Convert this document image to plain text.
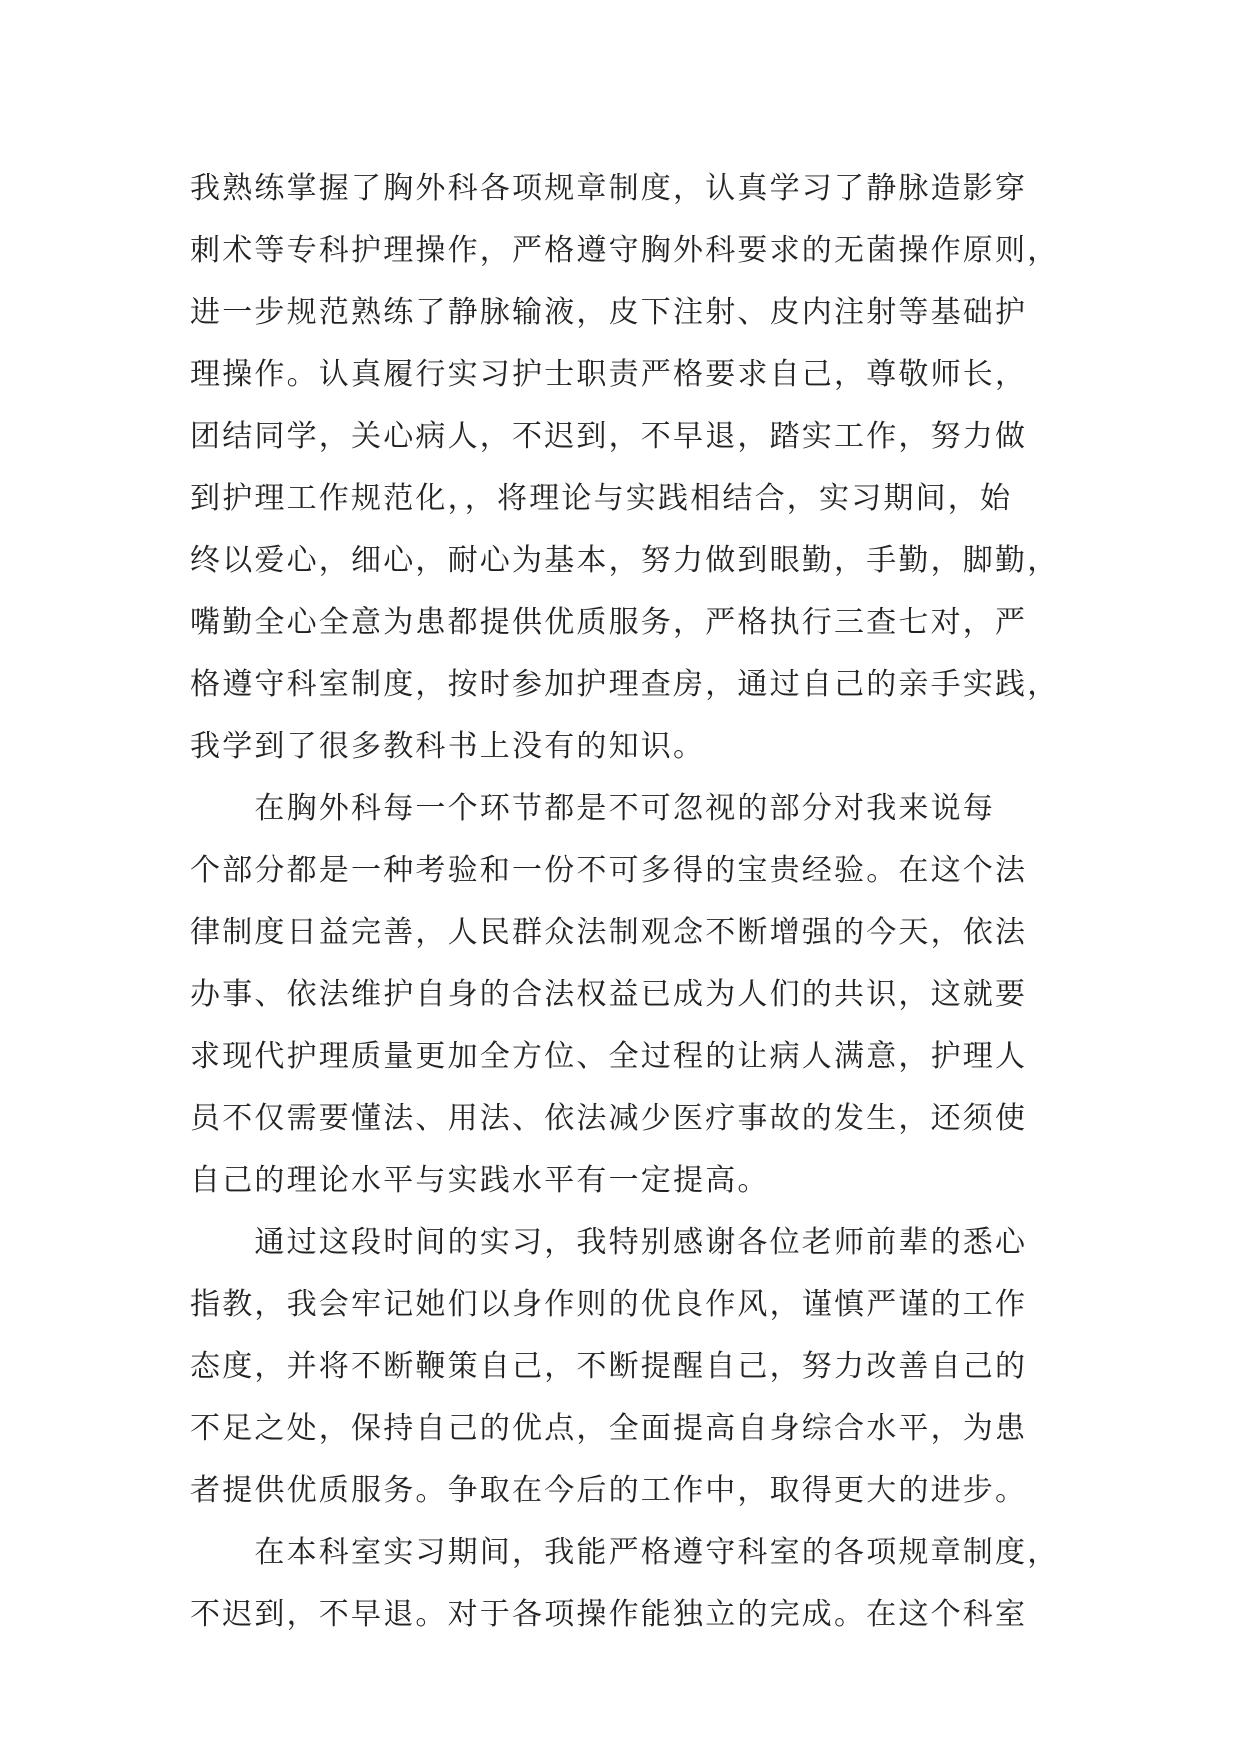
我熟练掌握了胸外科各项规章制度，认真学习了静脉造影穿
刺术等专科护理操作，严格遵守胸外科要求的无菌操作原则，
进一步规范熟练了静脉输液，皮下注射、皮内注射等基础护
理操作。认真履行实习护士职责严格要求自己，尊敬师长，
团结同学，关心病人，不迟到，不早退，踏实工作，努力做
到护理工作规范化，，将理论与实践相结合，实习期间，始
终以爱心，细心，耐心为基本，努力做到眼勤，手勤，脚勤，
嘴勤全心全意为患都提供优质服务，严格执行三查七对，严
格遵守科室制度，按时参加护理查房，通过自己的亲手实践，
我学到了很多教科书上没有的知识。
　　在胸外科每一个环节都是不可忽视的部分对我来说每
个部分都是一种考验和一份不可多得的宝贵经验。在这个法
律制度日益完善，人民群众法制观念不断增强的今天，依法
办事、依法维护自身的合法权益已成为人们的共识，这就要
求现代护理质量更加全方位、全过程的让病人满意，护理人
员不仅需要懂法、用法、依法减少医疗事故的发生，还须使
自己的理论水平与实践水平有一定提高。
　　通过这段时间的实习，我特别感谢各位老师前辈的悉心
指教，我会牢记她们以身作则的优良作风，谨慎严谨的工作
态度，并将不断鞭策自己，不断提醒自己，努力改善自己的
不足之处，保持自己的优点，全面提高自身综合水平，为患
者提供优质服务。争取在今后的工作中，取得更大的进步。
　　在本科室实习期间，我能严格遵守科室的各项规章制度，
不迟到，不早退。对于各项操作能独立的完成。在这个科室
